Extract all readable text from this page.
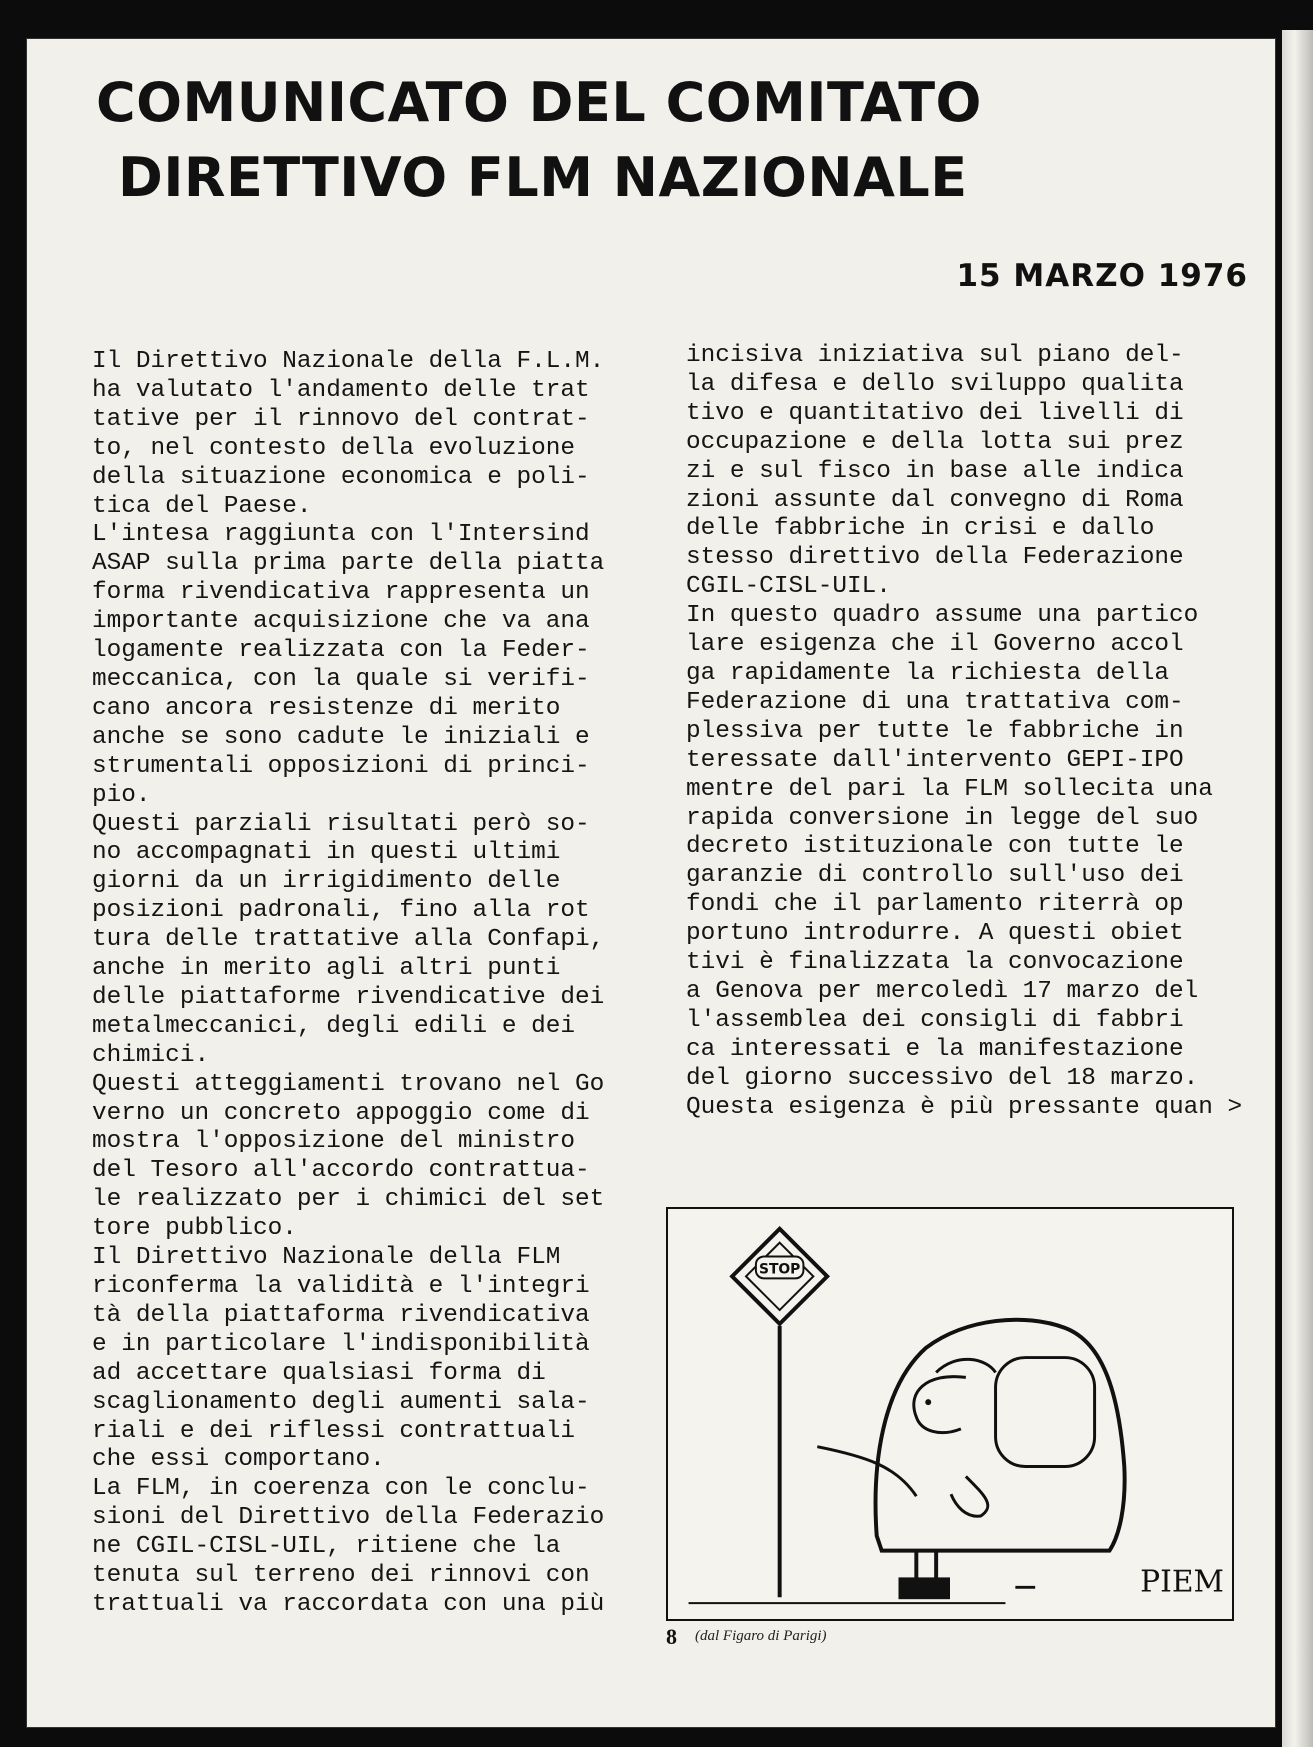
COMUNICATO DEL COMITATO
DIRETTIVO FLM NAZIONALE
15 MARZO 1976
Il Direttivo Nazionale della F.L.M.
ha valutato l'andamento delle trat
tative per il rinnovo del contrat-
to, nel contesto della evoluzione
della situazione economica e poli-
tica del Paese.
L'intesa raggiunta con l'Intersind
ASAP sulla prima parte della piatta
forma rivendicativa rappresenta un
importante acquisizione che va ana
logamente realizzata con la Feder-
meccanica, con la quale si verifi-
cano ancora resistenze di merito
anche se sono cadute le iniziali e
strumentali opposizioni di princi-
pio.
Questi parziali risultati però so-
no accompagnati in questi ultimi
giorni da un irrigidimento delle
posizioni padronali, fino alla rot
tura delle trattative alla Confapi,
anche in merito agli altri punti
delle piattaforme rivendicative dei
metalmeccanici, degli edili e dei
chimici.
Questi atteggiamenti trovano nel Go
verno un concreto appoggio come di
mostra l'opposizione del ministro
del Tesoro all'accordo contrattua-
le realizzato per i chimici del set
tore pubblico.
Il Direttivo Nazionale della FLM
riconferma la validità e l'integri
tà della piattaforma rivendicativa
e in particolare l'indisponibilità
ad accettare qualsiasi forma di
scaglionamento degli aumenti sala-
riali e dei riflessi contrattuali
che essi comportano.
La FLM, in coerenza con le conclu-
sioni del Direttivo della Federazio
ne CGIL-CISL-UIL, ritiene che la
tenuta sul terreno dei rinnovi con
trattuali va raccordata con una più
incisiva iniziativa sul piano del-
la difesa e dello sviluppo qualita
tivo e quantitativo dei livelli di
occupazione e della lotta sui prez
zi e sul fisco in base alle indica
zioni assunte dal convegno di Roma
delle fabbriche in crisi e dallo
stesso direttivo della Federazione
CGIL-CISL-UIL.
In questo quadro assume una partico
lare esigenza che il Governo accol
ga rapidamente la richiesta della
Federazione di una trattativa com-
plessiva per tutte le fabbriche in
teressate dall'intervento GEPI-IPO
mentre del pari la FLM sollecita una
rapida conversione in legge del suo
decreto istituzionale con tutte le
garanzie di controllo sull'uso dei
fondi che il parlamento riterrà op
portuno introdurre. A questi obiet
tivi è finalizzata la convocazione
a Genova per mercoledì 17 marzo del
l'assemblea dei consigli di fabbri
ca interessati e la manifestazione
del giorno successivo del 18 marzo.
Questa esigenza è più pressante quan >
STOP
PIEM
8 (dal Figaro di Parigi)
